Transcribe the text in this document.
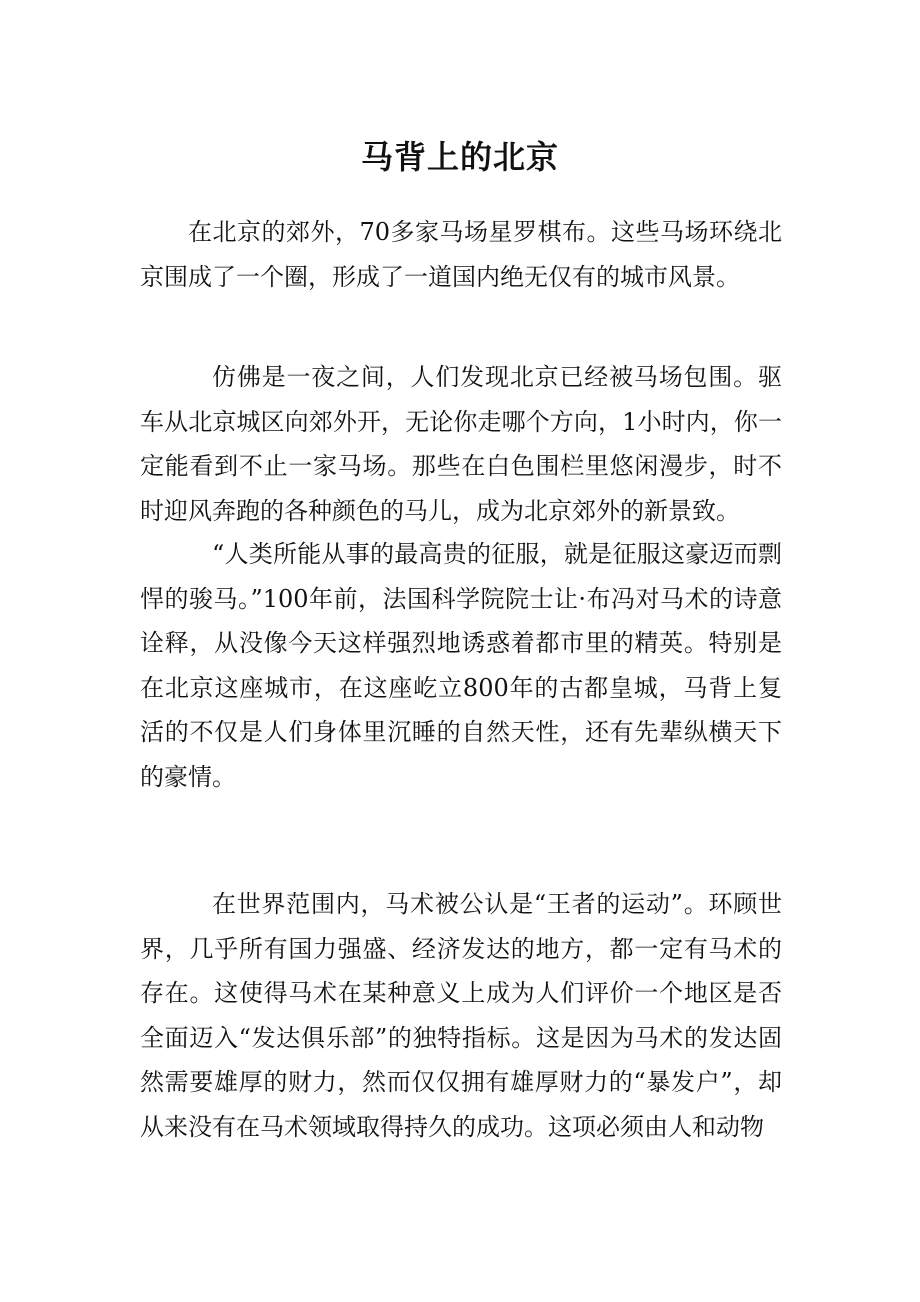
马背上的北京

在北京的郊外，70多家马场星罗棋布。这些马场环绕北京围成了一个圈，形成了一道国内绝无仅有的城市风景。

仿佛是一夜之间，人们发现北京已经被马场包围。驱车从北京城区向郊外开，无论你走哪个方向，1小时内，你一定能看到不止一家马场。那些在白色围栏里悠闲漫步，时不时迎风奔跑的各种颜色的马儿，成为北京郊外的新景致。

“人类所能从事的最高贵的征服，就是征服这豪迈而剽悍的骏马。”100年前，法国科学院院士让·布冯对马术的诗意诠释，从没像今天这样强烈地诱惑着都市里的精英。特别是在北京这座城市，在这座屹立800年的古都皇城，马背上复活的不仅是人们身体里沉睡的自然天性，还有先辈纵横天下的豪情。

在世界范围内，马术被公认是“王者的运动”。环顾世界，几乎所有国力强盛、经济发达的地方，都一定有马术的存在。这使得马术在某种意义上成为人们评价一个地区是否全面迈入“发达俱乐部”的独特指标。这是因为马术的发达固然需要雄厚的财力，然而仅仅拥有雄厚财力的“暴发户”，却从来没有在马术领域取得持久的成功。这项必须由人和动物
